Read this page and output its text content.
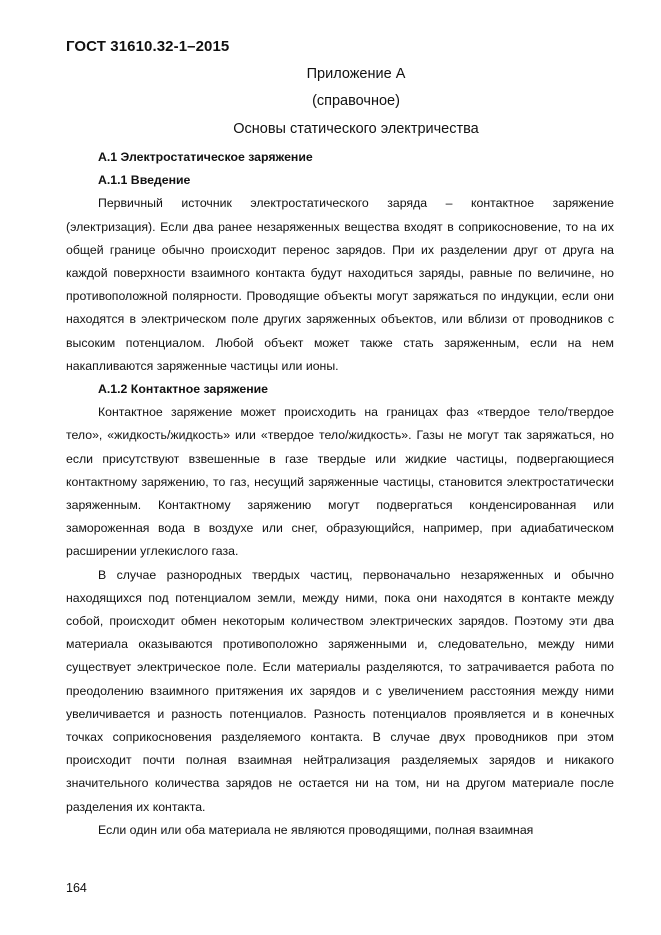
ГОСТ 31610.32-1–2015
Приложение А
(справочное)
Основы статического электричества

А.1 Электростатическое заряжение

А.1.1 Введение

Первичный источник электростатического заряда – контактное заряжение (электризация). Если два ранее незаряженных вещества входят в соприкосновение, то на их общей границе обычно происходит перенос зарядов. При их разделении друг от друга на каждой поверхности взаимного контакта будут находиться заряды, равные по величине, но противоположной полярности. Проводящие объекты могут заряжаться по индукции, если они находятся в электрическом поле других заряженных объектов, или вблизи от проводников с высоким потенциалом. Любой объект может также стать заряженным, если на нем накапливаются заряженные частицы или ионы.

А.1.2 Контактное заряжение

Контактное заряжение может происходить на границах фаз «твердое тело/твердое тело», «жидкость/жидкость» или «твердое тело/жидкость». Газы не могут так заряжаться, но если присутствуют взвешенные в газе твердые или жидкие частицы, подвергающиеся контактному заряжению, то газ, несущий заряженные частицы, становится электростатически заряженным. Контактному заряжению могут подвергаться конденсированная или замороженная вода в воздухе или снег, образующийся, например, при адиабатическом расширении углекислого газа.

В случае разнородных твердых частиц, первоначально незаряженных и обычно находящихся под потенциалом земли, между ними, пока они находятся в контакте между собой, происходит обмен некоторым количеством электрических зарядов. Поэтому эти два материала оказываются противоположно заряженными и, следовательно, между ними существует электрическое поле. Если материалы разделяются, то затрачивается работа по преодолению взаимного притяжения их зарядов и с увеличением расстояния между ними увеличивается и разность потенциалов. Разность потенциалов проявляется и в конечных точках соприкосновения разделяемого контакта. В случае двух проводников при этом происходит почти полная взаимная нейтрализация разделяемых зарядов и никакого значительного количества зарядов не остается ни на том, ни на другом материале после разделения их контакта.

Если один или оба материала не являются проводящими, полная взаимная

164
